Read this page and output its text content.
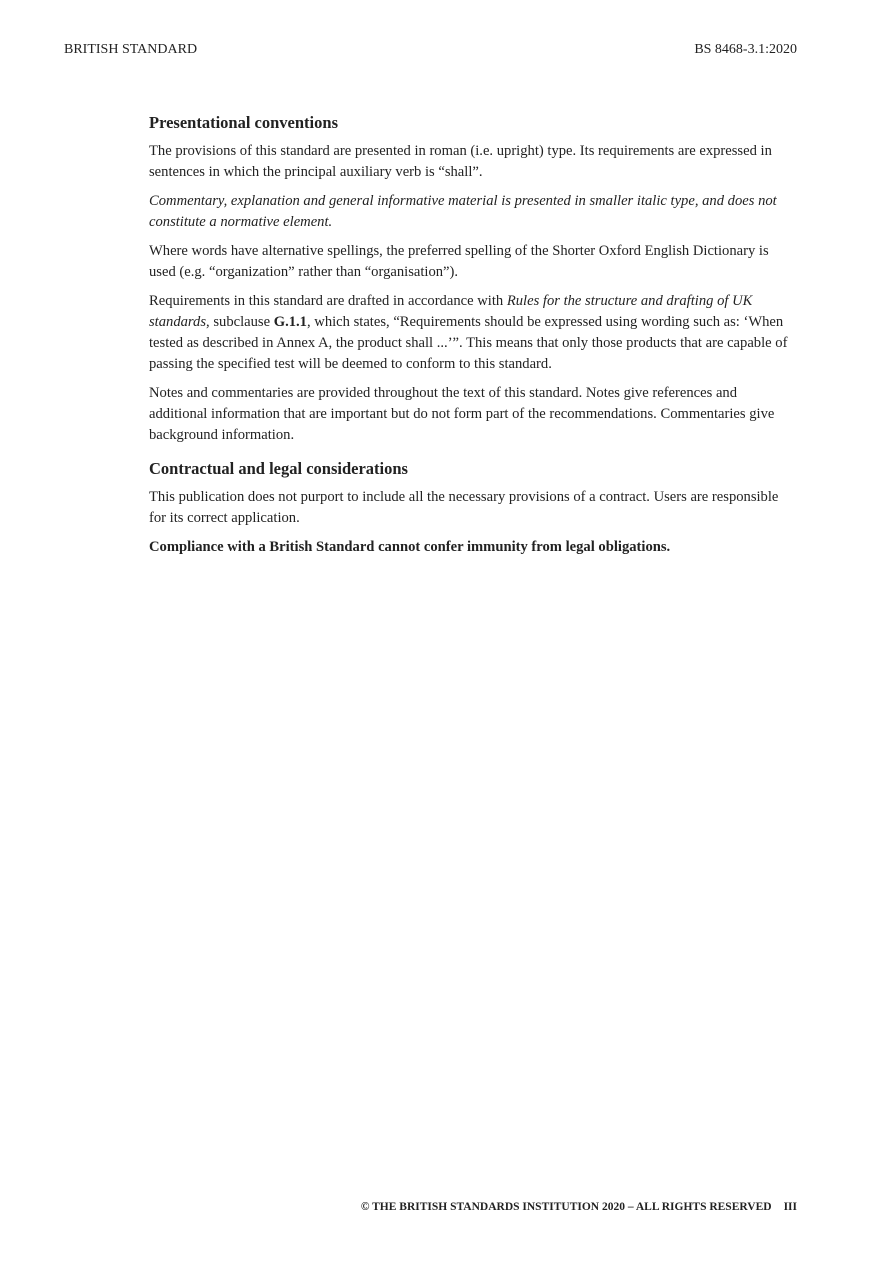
BRITISH STANDARD	BS 8468-3.1:2020
Presentational conventions

The provisions of this standard are presented in roman (i.e. upright) type. Its requirements are expressed in sentences in which the principal auxiliary verb is “shall”.

Commentary, explanation and general informative material is presented in smaller italic type, and does not constitute a normative element.

Where words have alternative spellings, the preferred spelling of the Shorter Oxford English Dictionary is used (e.g. “organization” rather than “organisation”).

Requirements in this standard are drafted in accordance with Rules for the structure and drafting of UK standards, subclause G.1.1, which states, “Requirements should be expressed using wording such as: ‘When tested as described in Annex A, the product shall ...’”. This means that only those products that are capable of passing the specified test will be deemed to conform to this standard.

Notes and commentaries are provided throughout the text of this standard. Notes give references and additional information that are important but do not form part of the recommendations. Commentaries give background information.

Contractual and legal considerations

This publication does not purport to include all the necessary provisions of a contract. Users are responsible for its correct application.

Compliance with a British Standard cannot confer immunity from legal obligations.

© THE BRITISH STANDARDS INSTITUTION 2020 – ALL RIGHTS RESERVED III
